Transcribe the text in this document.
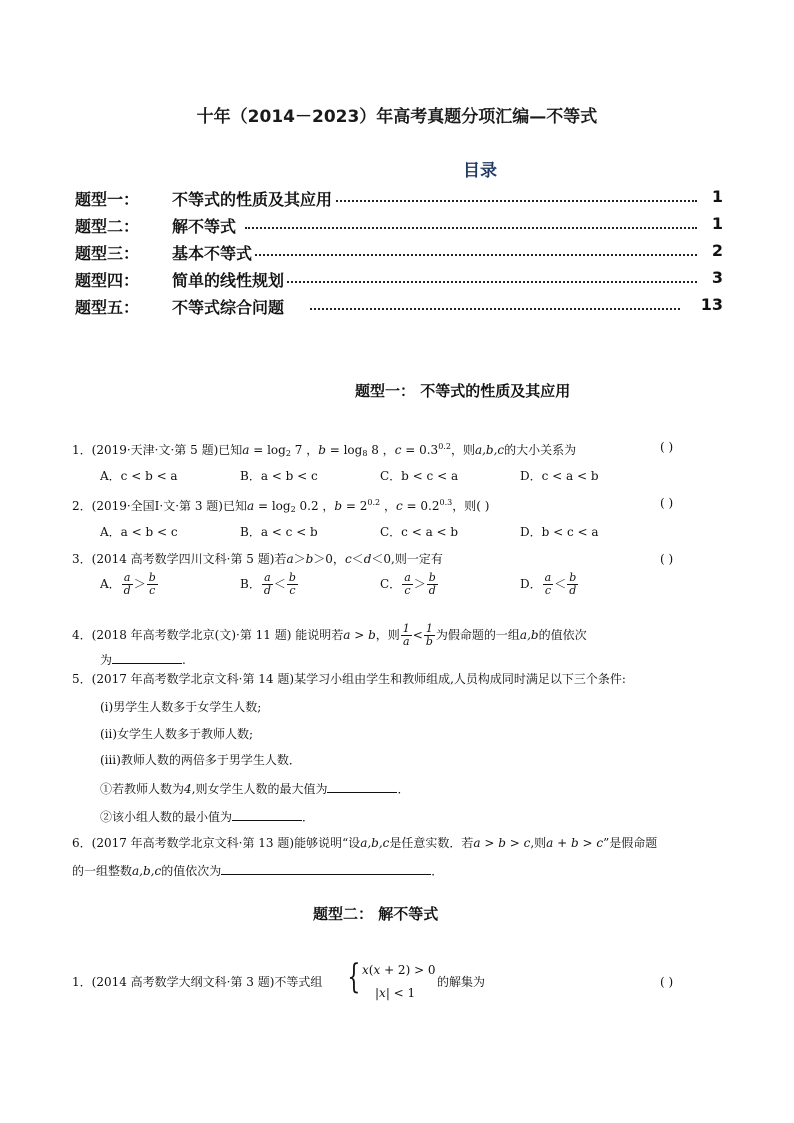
十年（2014－2023）年高考真题分项汇编—不等式
目录
题型一： 不等式的性质及其应用	1
题型二： 解不等式	1
题型三： 基本不等式	2
题型四： 简单的线性规划	3
题型五： 不等式综合问题	13
题型一： 不等式的性质及其应用
1．(2019·天津·文·第 5 题)已知$a = \log_2 7$ ，$b = \log_8 8$ ，$c = 0.3^{0.2}$，则a,b,c的大小关系为	( )
A．c < b < a	B．a < b < c	C．b < c < a	D．c < a < b
2．(2019·全国Ⅰ·文·第 3 题)已知$a = \log_2 0.2$ ，$b = 2^{0.2}$ ，$c = 0.2^{0.3}$，则( )	( )
A．a < b < c	B．a < c < b	C．c < a < b	D．b < c < a
3．(2014 高考数学四川文科·第 5 题)若a＞b＞0，c＜d＜0,则一定有	( )
A． $\frac{a}{d} > \frac{b}{c}$	B． $\frac{a}{d} < \frac{b}{c}$	C． $\frac{a}{c} > \frac{b}{d}$	D． $\frac{a}{c} < \frac{b}{d}$
4．(2018 年高考数学北京(文)·第 11 题) 能说明若a > b，则 $\frac{1}{a} < \frac{1}{b}$ 为假命题的一组a,b的值依次
为	.
5．(2017 年高考数学北京文科·第 14 题)某学习小组由学生和教师组成,人员构成同时满足以下三个条件:
(ⅰ)男学生人数多于女学生人数;
(ⅱ)女学生人数多于教师人数;
(ⅲ)教师人数的两倍多于男学生人数．
①若教师人数为4,则女学生人数的最大值为	．
②该小组人数的最小值为	．
6．(2017 年高考数学北京文科·第 13 题)能够说明“设a,b,c是任意实数．若a > b > c,则a + b > c”是假命题
的一组整数a,b,c的值依次为	．
题型二： 解不等式
1．(2014 高考数学大纲文科·第 3 题)不等式组 { x(x + 2) > 0
|x| < 1
的解集为	( )
